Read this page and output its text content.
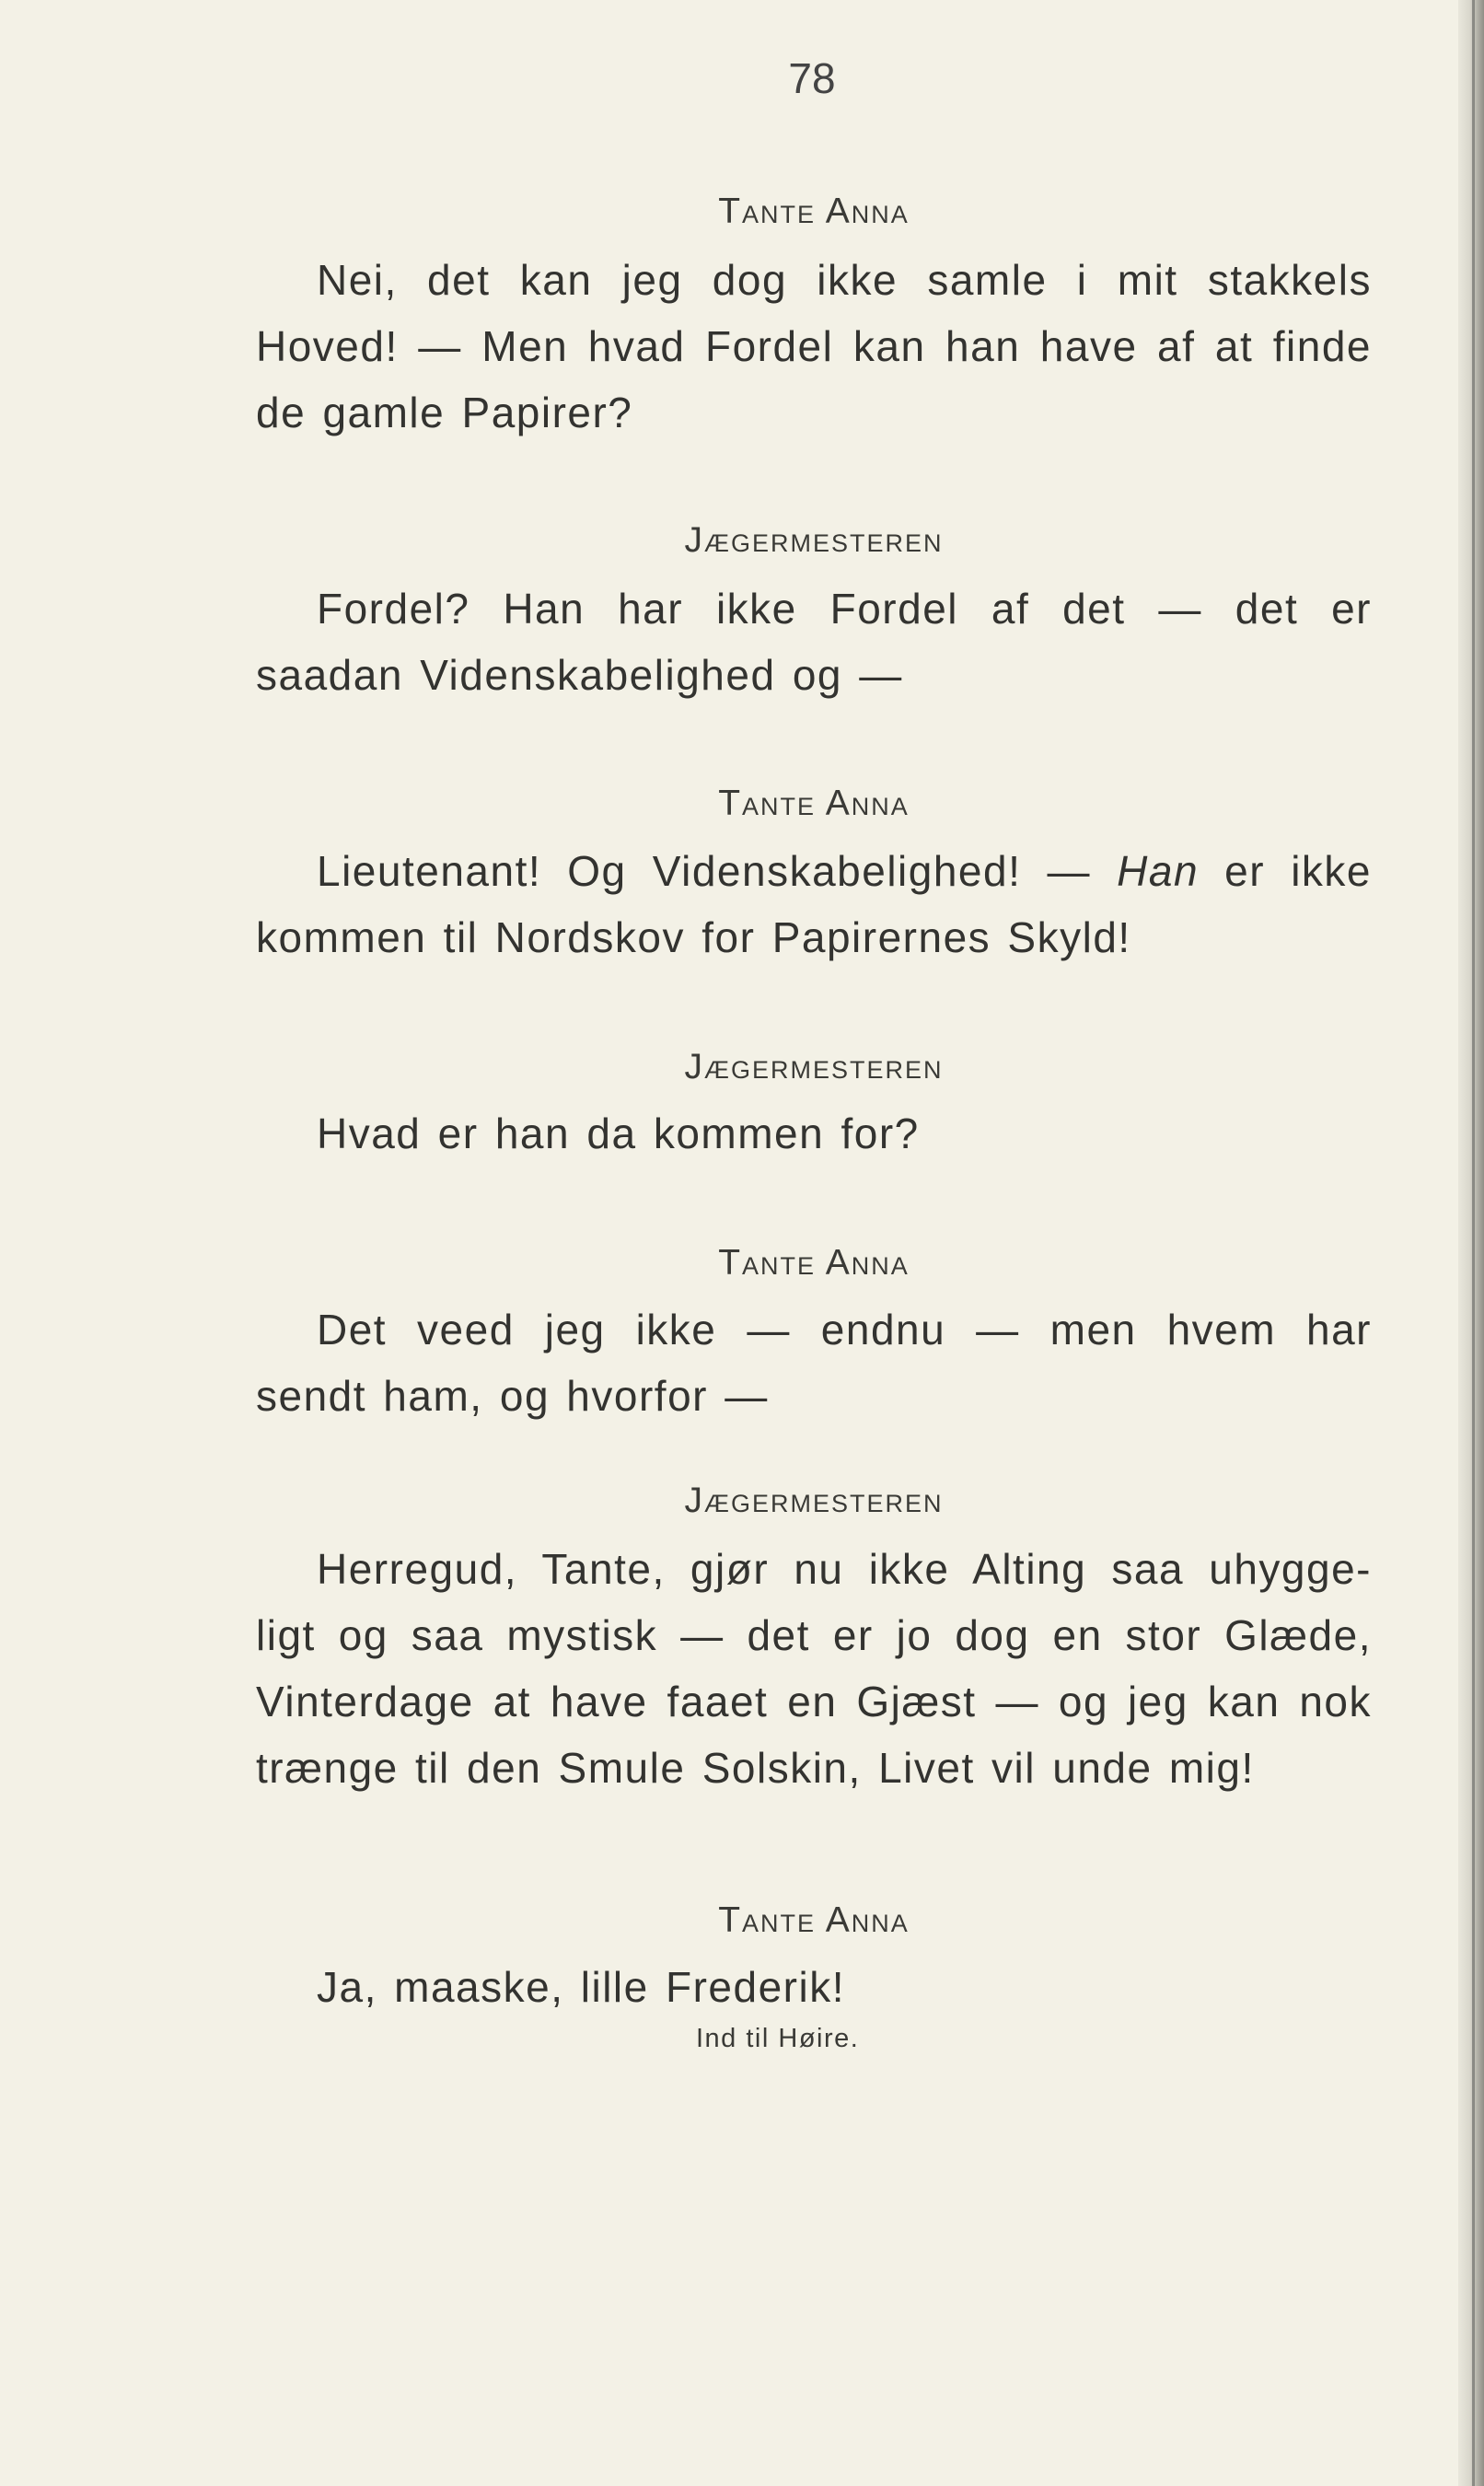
78
Tante Anna
Nei, det kan jeg dog ikke samle i mit stakkels Hoved! — Men hvad Fordel kan han have af at finde de gamle Papirer?
Jægermesteren
Fordel? Han har ikke Fordel af det — det er saadan Videnskabelighed og —
Tante Anna
Lieutenant! Og Videnskabelighed! — Han er ikke kommen til Nordskov for Papirernes Skyld!
Jægermesteren
Hvad er han da kommen for?
Tante Anna
Det veed jeg ikke — endnu — men hvem har sendt ham, og hvorfor —
Jægermesteren
Herregud, Tante, gjør nu ikke Alting saa uhygge-ligt og saa mystisk — det er jo dog en stor Glæde, Vinterdage at have faaet en Gjæst — og jeg kan nok trænge til den Smule Solskin, Livet vil unde mig!
Tante Anna
Ja, maaske, lille Frederik!
Ind til Høire.
